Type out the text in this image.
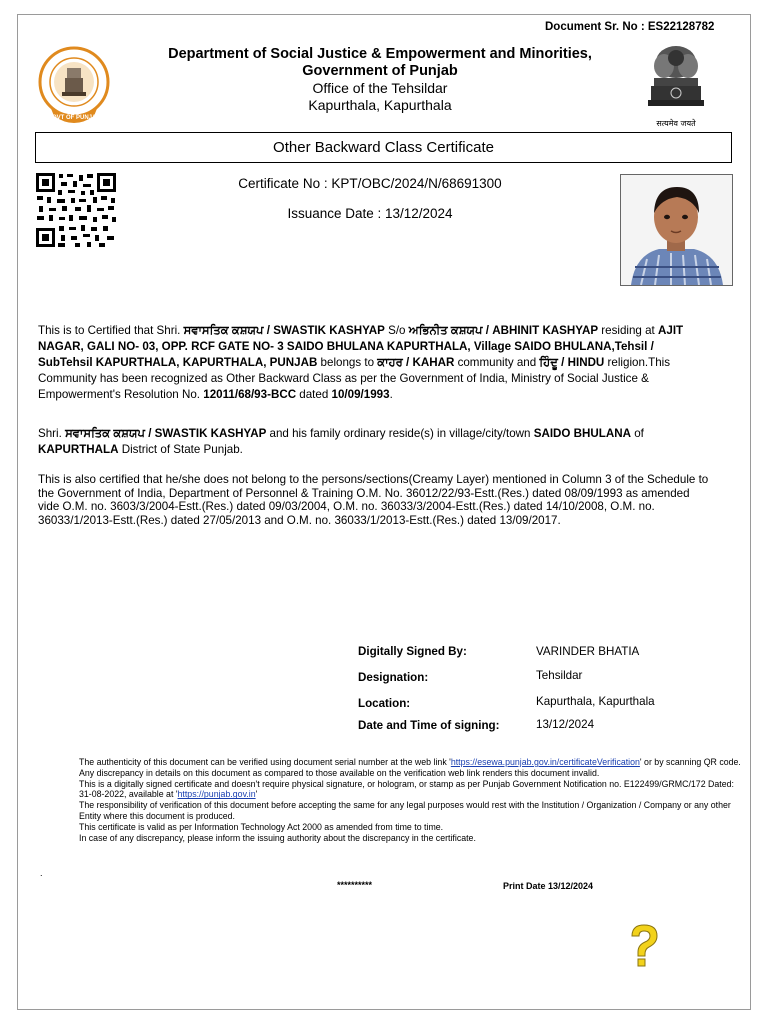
Document Sr. No : ES22128782
GOVT OF PUNJAB
सत्यमेव जयते
Department of Social Justice & Empowerment and Minorities,
Government of Punjab
Office of the Tehsildar
Kapurthala, Kapurthala
Other Backward Class Certificate
Certificate No : KPT/OBC/2024/N/68691300
Issuance Date : 13/12/2024
This is to Certified that Shri. ਸਵਾਸਤਿਕ ਕਸ਼ਯਪ / SWASTIK KASHYAP S/o ਅਭਿਨੀਤ ਕਸ਼ਯਪ / ABHINIT KASHYAP residing at AJIT NAGAR, GALI NO- 03, OPP. RCF GATE NO- 3 SAIDO BHULANA KAPURTHALA, Village SAIDO BHULANA,Tehsil / SubTehsil KAPURTHALA, KAPURTHALA, PUNJAB belongs to ਕਾਹਰ / KAHAR community and ਹਿੰਦੂ / HINDU religion.This Community has been recognized as Other Backward Class as per the Government of India, Ministry of Social Justice & Empowerment's Resolution No. 12011/68/93-BCC dated 10/09/1993.
Shri. ਸਵਾਸਤਿਕ ਕਸ਼ਯਪ / SWASTIK KASHYAP and his family ordinary reside(s) in village/city/town SAIDO BHULANA of KAPURTHALA District of State Punjab.
This is also certified that he/she does not belong to the persons/sections(Creamy Layer) mentioned in Column 3 of the Schedule to the Government of India, Department of Personnel & Training O.M. No. 36012/22/93-Estt.(Res.) dated 08/09/1993 as amended vide O.M. no. 3603/3/2004-Estt.(Res.) dated 09/03/2004, O.M. no. 36033/3/2004-Estt.(Res.) dated 14/10/2008, O.M. no. 36033/1/2013-Estt.(Res.) dated 27/05/2013 and O.M. no. 36033/1/2013-Estt.(Res.) dated 13/09/2017.
Digitally Signed By:	VARINDER BHATIA
Designation:	Tehsildar
Location:	Kapurthala, Kapurthala
Date and Time of signing:	13/12/2024

The authenticity of this document can be verified using document serial number at the web link 'https://esewa.punjab.gov.in/certificateVerification' or by scanning QR code. Any discrepancy in details on this document as compared to those available on the verification web link renders this document invalid.

This is a digitally signed certificate and doesn't require physical signature, or hologram, or stamp as per Punjab Government Notification no. E122499/GRMC/172 Dated: 31-08-2022, available at 'https://punjab.gov.in'

The responsibility of verification of this document before accepting the same for any legal purposes would rest with the Institution / Organization / Company or any other Entity where this document is produced.

This certificate is valid as per Information Technology Act 2000 as amended from time to time.

In case of any discrepancy, please inform the issuing authority about the discrepancy in the certificate.

.
**********	Print Date 13/12/2024
